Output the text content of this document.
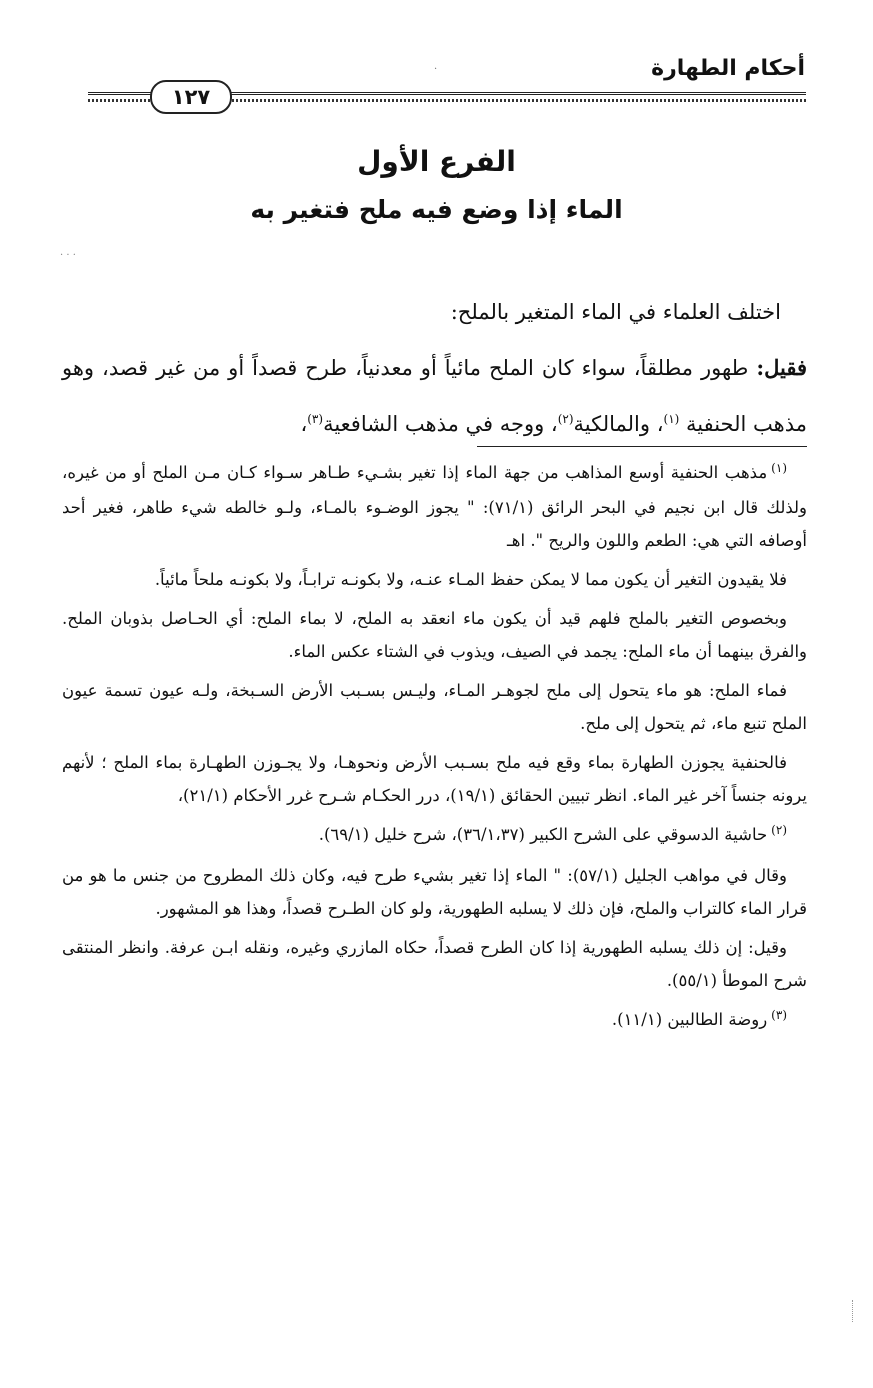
·	أحكام الطهارة
١٢٧
· · ·
الفرع الأول
الماء إذا وضع فيه ملح فتغير به

اختلف العلماء في الماء المتغير بالملح:

فقيل: طهور مطلقاً، سواء كان الملح مائياً أو معدنياً، طرح قصداً أو من غير قصد، وهو مذهب الحنفية $^{(١)}$، والمالكية$^{(٢)}$، ووجه في مذهب الشافعية$^{(٣)}$،

$^{(١)}$مذهب الحنفية أوسع المذاهب من جهة الماء إذا تغير بشـيء طـاهر سـواء كـان مـن الملح أو من غيره، ولذلك قال ابن نجيم في البحر الرائق (٧١/١): " يجوز الوضـوء بالمـاء، ولـو خالطه شيء طاهر، فغير أحد أوصافه التي هي: الطعم واللون والريح ". اهـ

فلا يقيدون التغير أن يكون مما لا يمكن حفظ المـاء عنـه، ولا بكونـه ترابـاً، ولا بكونـه ملحاً مائياً.

وبخصوص التغير بالملح فلهم قيد أن يكون ماء انعقد به الملح، لا بماء الملح: أي الحـاصل بذوبان الملح. والفرق بينهما أن ماء الملح: يجمد في الصيف، ويذوب في الشتاء عكس الماء.

فماء الملح: هو ماء يتحول إلى ملح لجوهـر المـاء، وليـس بسـبب الأرض السـبخة، ولـه عيون تسمة عيون الملح تنبع ماء، ثم يتحول إلى ملح.

فالحنفية يجوزن الطهارة بماء وقع فيه ملح بسـبب الأرض ونحوهـا، ولا يجـوزن الطهـارة بماء الملح ؛ لأنهم يرونه جنساً آخر غير الماء. انظر تبيين الحقائق (١٩/١)، درر الحكـام شـرح غرر الأحكام (٢١/١)،

$^{(٢)}$حاشية الدسوقي على الشرح الكبير (٣٦/١،٣٧)، شرح خليل (٦٩/١).

وقال في مواهب الجليل (٥٧/١): " الماء إذا تغير بشيء طرح فيه، وكان ذلك المطروح من جنس ما هو من قرار الماء كالتراب والملح، فإن ذلك لا يسلبه الطهورية، ولو كان الطـرح قصداً، وهذا هو المشهور.

وقيل: إن ذلك يسلبه الطهورية إذا كان الطرح قصداً، حكاه المازري وغيره، ونقله ابـن عرفة. وانظر المنتقى شرح الموطأ (٥٥/١).

$^{(٣)}$روضة الطالبين (١١/١).
